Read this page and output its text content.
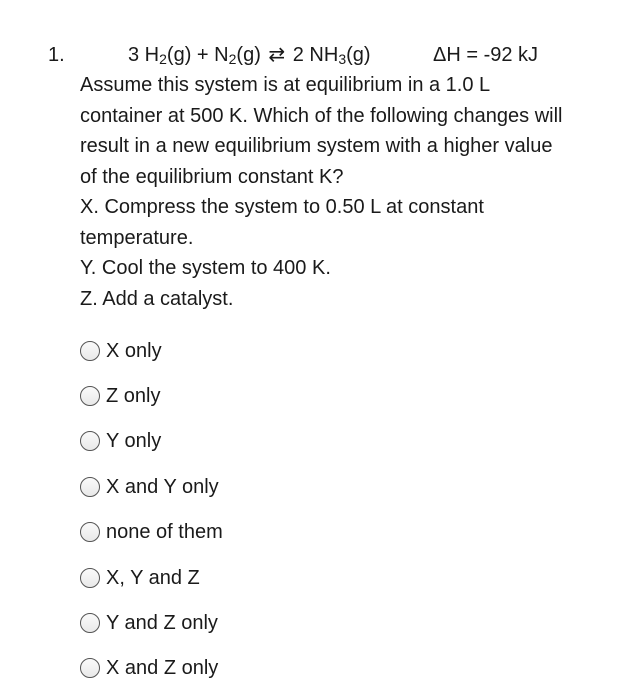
1.	3 $H_2(g) + N_2(g)$ ⇄ 2 $NH_3(g)$	ΔH = -92 kJ

Assume this system is at equilibrium in a 1.0 L

container at 500 K. Which of the following changes will

result in a new equilibrium system with a higher value

of the equilibrium constant K?

X. Compress the system to 0.50 L at constant

temperature.

Y. Cool the system to 400 K.

Z. Add a catalyst.

X only
Z only
Y only
X and Y only
none of them
X, Y and Z
Y and Z only
X and Z only
